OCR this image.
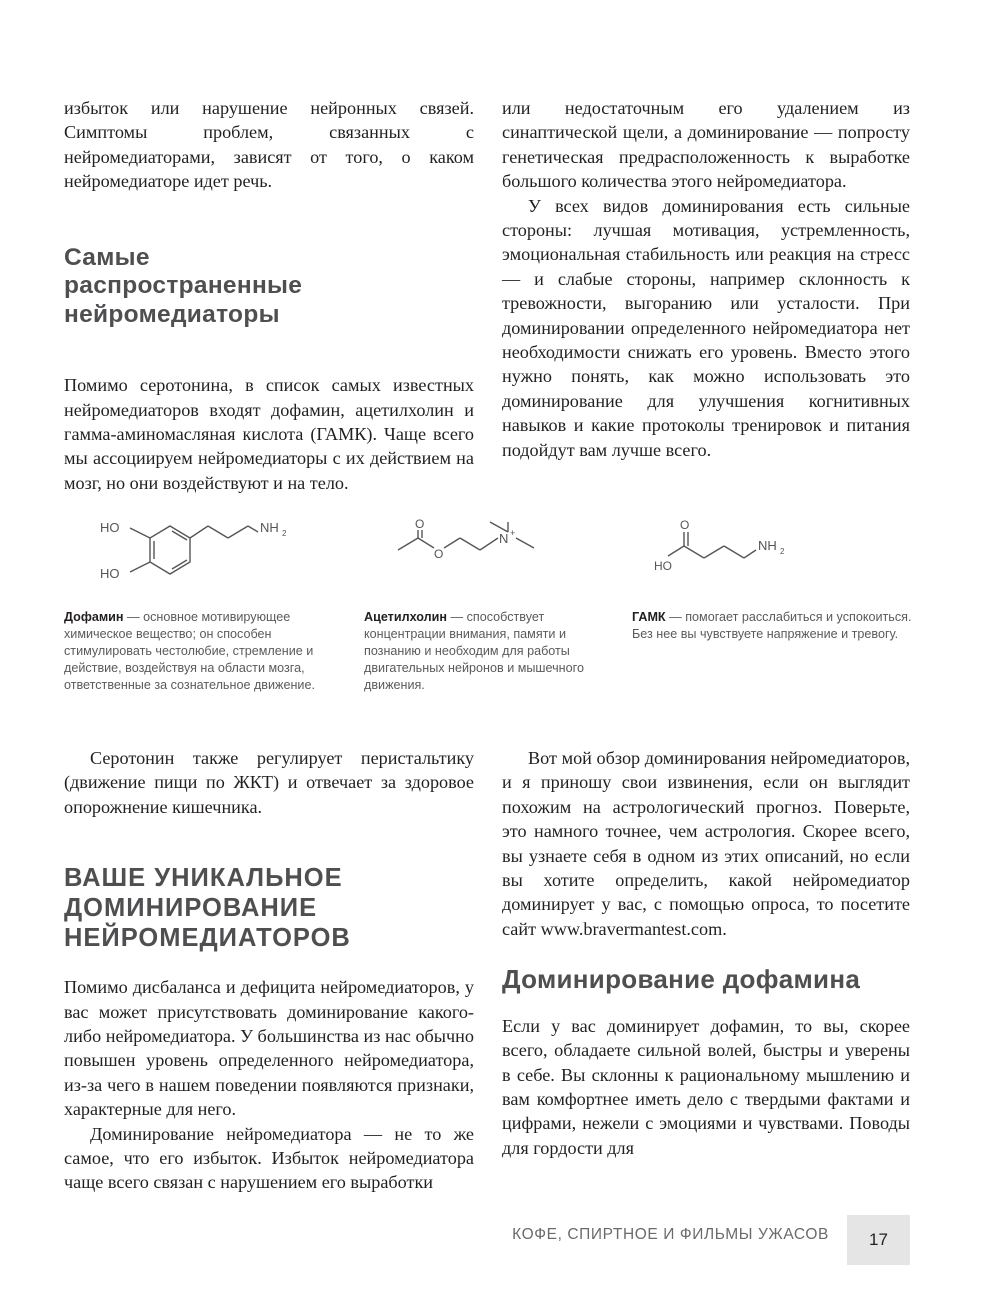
избыток или нарушение нейронных связей. Симптомы проблем, связанных с нейромедиаторами, зависят от того, о каком нейромедиаторе идет речь.

Самые распространенные нейромедиаторы

Помимо серотонина, в список самых известных нейромедиаторов входят дофамин, ацетилхолин и гамма-аминомасляная кислота (ГАМК). Чаще всего мы ассоциируем нейромедиаторы с их действием на мозг, но они воздействуют и на тело.

или недостаточным его удалением из синаптической щели, а доминирование — попросту генетическая предрасположенность к выработке большого количества этого нейромедиатора.

У всех видов доминирования есть сильные стороны: лучшая мотивация, устремленность, эмоциональная стабильность или реакция на стресс — и слабые стороны, например склонность к тревожности, выгоранию или усталости. При доминировании определенного нейромедиатора нет необходимости снижать его уровень. Вместо этого нужно понять, как можно использовать это доминирование для улучшения когнитивных навыков и какие протоколы тренировок и питания подойдут вам лучше всего.

HO
HO
NH 2

Дофамин — основное мотивирующее химическое вещество; он способен стимулировать честолюбие, стремление и действие, воздействуя на области мозга, ответственные за сознательное движение.

O
O
N +

Ацетилхолин — способствует концентрации внимания, памяти и познанию и необходим для работы двигательных нейронов и мышечного движения.

O
HO
NH 2

ГАМК — помогает расслабиться и успокоиться. Без нее вы чувствуете напряжение и тревогу.

Серотонин также регулирует перистальтику (движение пищи по ЖКТ) и отвечает за здоровое опорожнение кишечника.

ВАШЕ УНИКАЛЬНОЕ ДОМИНИРОВАНИЕ НЕЙРОМЕДИАТОРОВ

Помимо дисбаланса и дефицита нейромедиаторов, у вас может присутствовать доминирование какого-либо нейромедиатора. У большинства из нас обычно повышен уровень определенного нейромедиатора, из-за чего в нашем поведении появляются признаки, характерные для него.

Доминирование нейромедиатора — не то же самое, что его избыток. Избыток нейромедиатора чаще всего связан с нарушением его выработки

Вот мой обзор доминирования нейромедиаторов, и я приношу свои извинения, если он выглядит похожим на астрологический прогноз. Поверьте, это намного точнее, чем астрология. Скорее всего, вы узнаете себя в одном из этих описаний, но если вы хотите определить, какой нейромедиатор доминирует у вас, с помощью опроса, то посетите сайт www.bravermantest.com.

Доминирование дофамина

Если у вас доминирует дофамин, то вы, скорее всего, обладаете сильной волей, быстры и уверены в себе. Вы склонны к рациональному мышлению и вам комфортнее иметь дело с твердыми фактами и цифрами, нежели с эмоциями и чувствами. Поводы для гордости для

КОФЕ, СПИРТНОЕ И ФИЛЬМЫ УЖАСОВ	17
